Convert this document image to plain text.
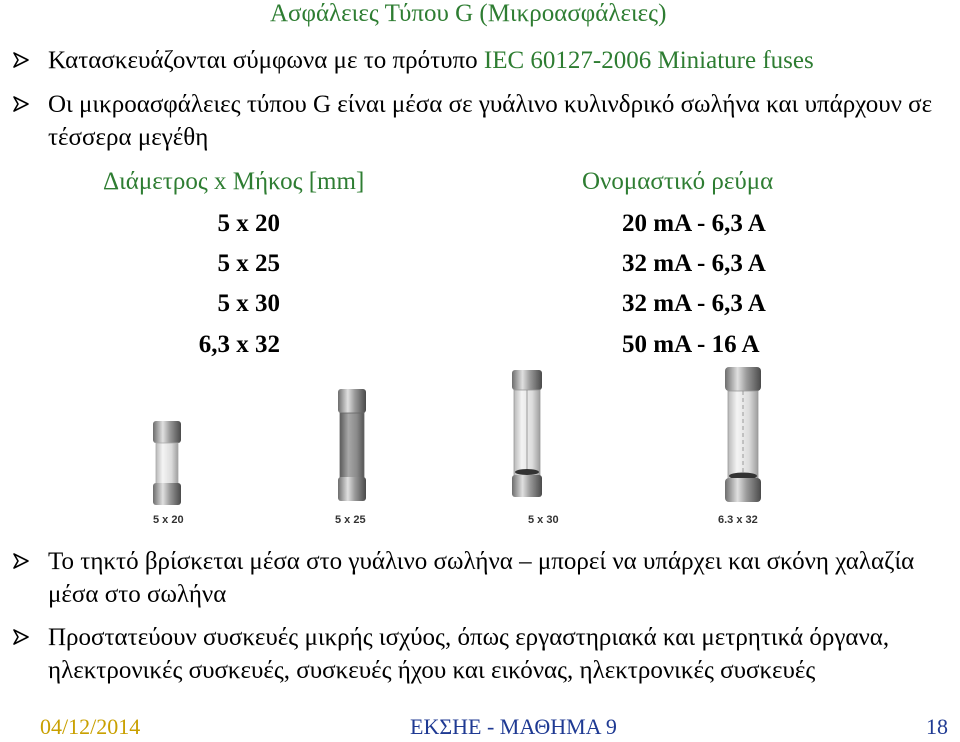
Ασφάλειες Τύπου G (Μικροασφάλειες)
Κατασκευάζονται σύμφωνα με το πρότυπο IEC 60127-2006 Miniature fuses
Οι μικροασφάλειες τύπου G είναι μέσα σε γυάλινο κυλινδρικό σωλήνα και υπάρχουν σε τέσσερα μεγέθη
Διάμετρος x Μήκος [mm]	Ονομαστικό ρεύμα
5 x 20	20 mA - 6,3 A
5 x 25	32 mA - 6,3 A
5 x 30	32 mA - 6,3 A
6,3 x 32	50 mA - 16 A
5 x 20	5 x 25	5 x 30	6.3 x 32
Το τηκτό βρίσκεται μέσα στο γυάλινο σωλήνα – μπορεί να υπάρχει και σκόνη χαλαζία μέσα στο σωλήνα
Προστατεύουν συσκευές μικρής ισχύος, όπως εργαστηριακά και μετρητικά όργανα, ηλεκτρονικές συσκευές, συσκευές ήχου και εικόνας, ηλεκτρονικές συσκευές
04/12/2014	ΕΚΣΗΕ - ΜΑΘΗΜΑ 9	18
